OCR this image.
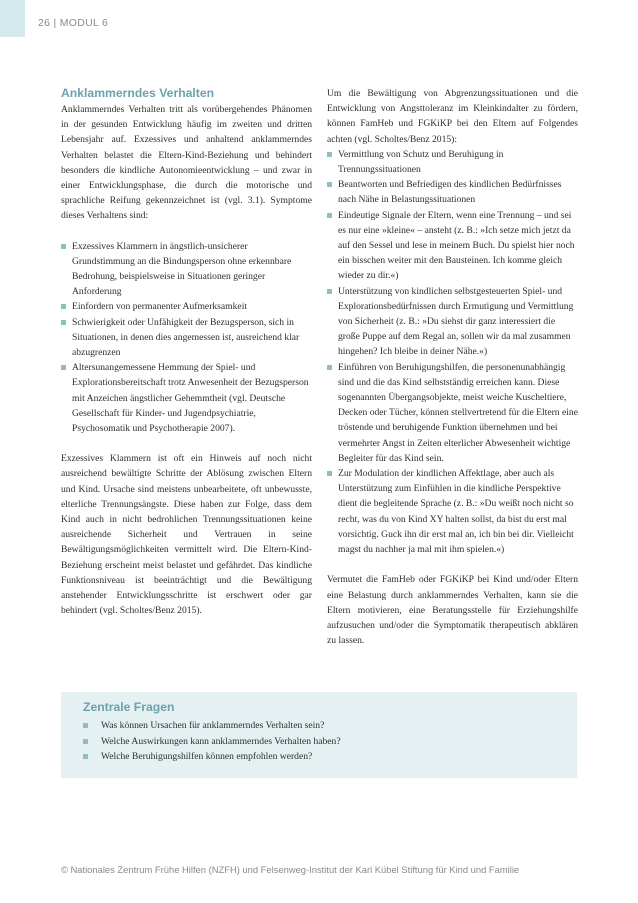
26 | MODUL 6
Anklammerndes Verhalten

Anklammerndes Verhalten tritt als vorübergehendes Phänomen in der gesunden Entwicklung häufig im zweiten und dritten Lebensjahr auf. Exzessives und anhaltend anklammerndes Verhalten belastet die Eltern-Kind-Beziehung und behindert besonders die kindliche Autonomieentwicklung – und zwar in einer Entwicklungsphase, die durch die motorische und sprachliche Reifung gekennzeichnet ist (vgl. 3.1). Symptome dieses Verhaltens sind:

Exzessives Klammern in ängstlich-unsicherer Grundstimmung an die Bindungsperson ohne erkennbare Bedrohung, beispielsweise in Situationen geringer Anforderung
Einfordern von permanenter Aufmerksamkeit
Schwierigkeit oder Unfähigkeit der Bezugsperson, sich in Situationen, in denen dies angemessen ist, ausreichend klar abzugrenzen
Altersunangemessene Hemmung der Spiel- und Explorationsbereitschaft trotz Anwesenheit der Bezugsperson mit Anzeichen ängstlicher Gehemmtheit (vgl. Deutsche Gesellschaft für Kinder- und Jugendpsychiatrie, Psychosomatik und Psychotherapie 2007).

Exzessives Klammern ist oft ein Hinweis auf noch nicht ausreichend bewältigte Schritte der Ablösung zwischen Eltern und Kind. Ursache sind meistens unbearbeitete, oft unbewusste, elterliche Trennungsängste. Diese haben zur Folge, dass dem Kind auch in nicht bedrohlichen Trennungssituationen keine ausreichende Sicherheit und Vertrauen in seine Bewältigungsmöglichkeiten vermittelt wird. Die Eltern-Kind-Beziehung erscheint meist belastet und gefährdet. Das kindliche Funktionsniveau ist beeinträchtigt und die Bewältigung anstehender Entwicklungsschritte ist erschwert oder gar behindert (vgl. Scholtes/Benz 2015).

Um die Bewältigung von Abgrenzungssituationen und die Entwicklung von Angsttoleranz im Kleinkindalter zu fördern, können FamHeb und FGKiKP bei den Eltern auf Folgendes achten (vgl. Scholtes/Benz 2015):

Vermittlung von Schutz und Beruhigung in Trennungssituationen
Beantworten und Befriedigen des kindlichen Bedürfnisses nach Nähe in Belastungssituationen
Eindeutige Signale der Eltern, wenn eine Trennung – und sei es nur eine »kleine« – ansteht (z. B.: »Ich setze mich jetzt da auf den Sessel und lese in meinem Buch. Du spielst hier noch ein bisschen weiter mit den Bausteinen. Ich komme gleich wieder zu dir.«)
Unterstützung von kindlichen selbstgesteuerten Spiel- und Explorationsbedürfnissen durch Ermutigung und Vermittlung von Sicherheit (z. B.: »Du siehst dir ganz interessiert die große Puppe auf dem Regal an, sollen wir da mal zusammen hingehen? Ich bleibe in deiner Nähe.«)
Einführen von Beruhigungshilfen, die personenunabhängig sind und die das Kind selbstständig erreichen kann. Diese sogenannten Übergangsobjekte, meist weiche Kuscheltiere, Decken oder Tücher, können stellvertretend für die Eltern eine tröstende und beruhigende Funktion übernehmen und bei vermehrter Angst in Zeiten elterlicher Abwesenheit wichtige Begleiter für das Kind sein.
Zur Modulation der kindlichen Affektlage, aber auch als Unterstützung zum Einfühlen in die kindliche Perspektive dient die begleitende Sprache (z. B.: »Du weißt noch nicht so recht, was du von Kind XY halten sollst, da bist du erst mal vorsichtig. Guck ihn dir erst mal an, ich bin bei dir. Vielleicht magst du nachher ja mal mit ihm spielen.«)

Vermutet die FamHeb oder FGKiKP bei Kind und/oder Eltern eine Belastung durch anklammerndes Verhalten, kann sie die Eltern motivieren, eine Beratungsstelle für Erziehungshilfe aufzusuchen und/oder die Symptomatik therapeutisch abklären zu lassen.

Zentrale Fragen
Was können Ursachen für anklammerndes Verhalten sein?
Welche Auswirkungen kann anklammerndes Verhalten haben?
Welche Beruhigungshilfen können empfohlen werden?
© Nationales Zentrum Frühe Hilfen (NZFH) und Felsenweg-Institut der Karl Kübel Stiftung für Kind und Familie
